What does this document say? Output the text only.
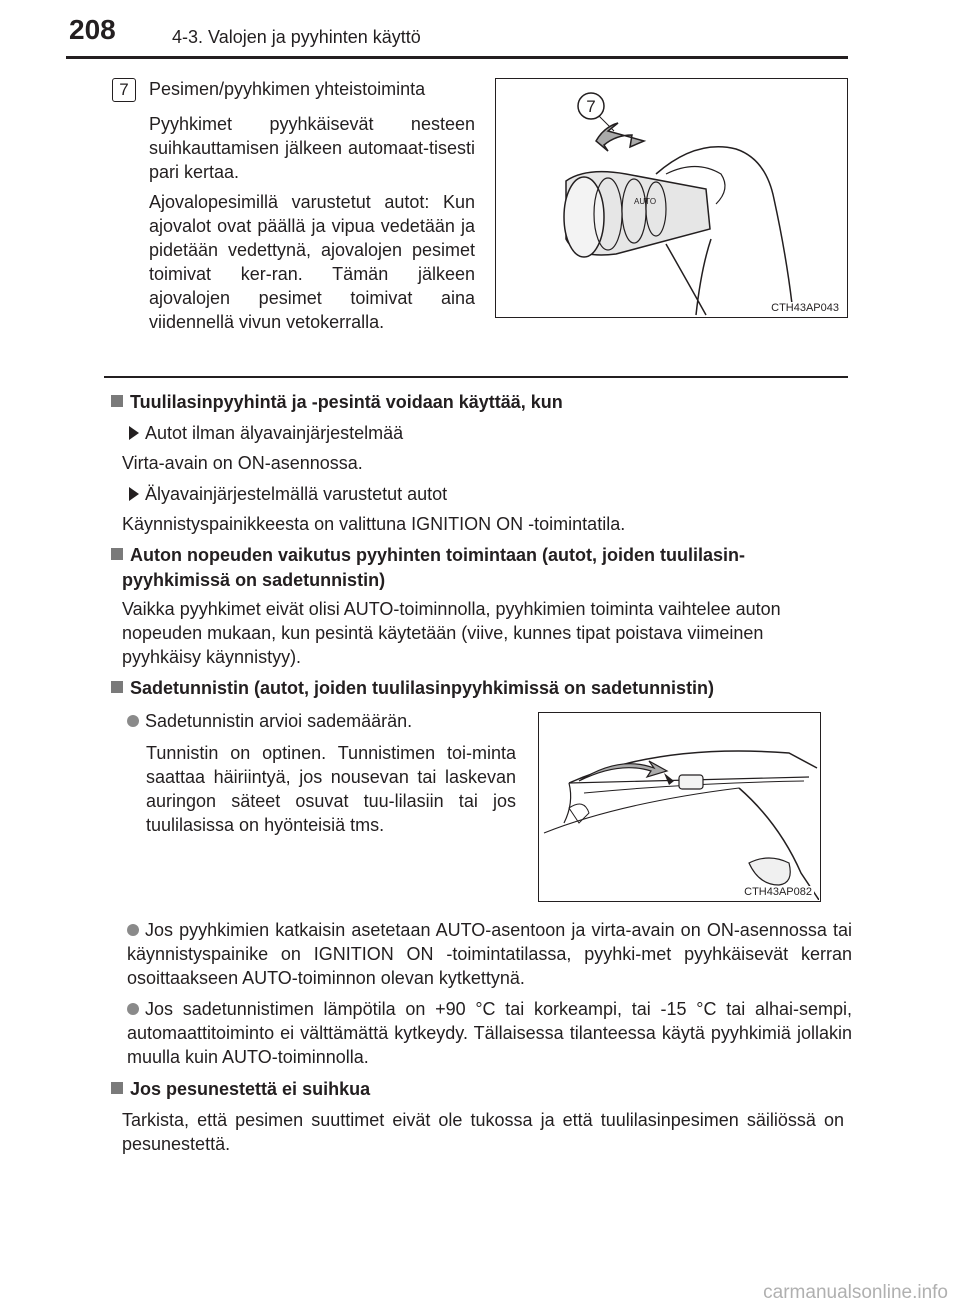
208	4-3. Valojen ja pyyhinten käyttö
7	Pesimen/pyyhkimen yhteistoiminta
Pyyhkimet pyyhkäisevät nesteen suihkauttamisen jälkeen automaat-tisesti pari kertaa.
Ajovalopesimillä varustetut autot: Kun ajovalot ovat päällä ja vipua vedetään ja pidetään vedettynä, ajovalojen pesimet toimivat ker-ran. Tämän jälkeen ajovalojen pesimet toimivat aina viidennellä vivun vetokerralla.
7
AUTO
CTH43AP043
Tuulilasinpyyhintä ja -pesintä voidaan käyttää, kun
Autot ilman älyavainjärjestelmää
Virta-avain on ON-asennossa.
Älyavainjärjestelmällä varustetut autot
Käynnistyspainikkeesta on valittuna IGNITION ON -toimintatila.
Auton nopeuden vaikutus pyyhinten toimintaan (autot, joiden tuulilasin-
pyyhkimissä on sadetunnistin)
Vaikka pyyhkimet eivät olisi AUTO-toiminnolla, pyyhkimien toiminta vaihtelee auton nopeuden mukaan, kun pesintä käytetään (viive, kunnes tipat poistava viimeinen pyyhkäisy käynnistyy).
Sadetunnistin (autot, joiden tuulilasinpyyhkimissä on sadetunnistin)
Sadetunnistin arvioi sademäärän.
Tunnistin on optinen. Tunnistimen toi-minta saattaa häiriintyä, jos nousevan tai laskevan auringon säteet osuvat tuu-lilasiin tai jos tuulilasissa on hyönteisiä tms.
CTH43AP082
Jos pyyhkimien katkaisin asetetaan AUTO-asentoon ja virta-avain on ON-asennossa tai käynnistyspainike on IGNITION ON -toimintatilassa, pyyhki-met pyyhkäisevät kerran osoittaakseen AUTO-toiminnon olevan kytkettynä.
Jos sadetunnistimen lämpötila on +90 °C tai korkeampi, tai -15 °C tai alhai-sempi, automaattitoiminto ei välttämättä kytkeydy. Tällaisessa tilanteessa käytä pyyhkimiä jollakin muulla kuin AUTO-toiminnolla.
Jos pesunestettä ei suihkua
Tarkista, että pesimen suuttimet eivät ole tukossa ja että tuulilasinpesimen säiliössä on pesunestettä.
carmanualsonline.info
